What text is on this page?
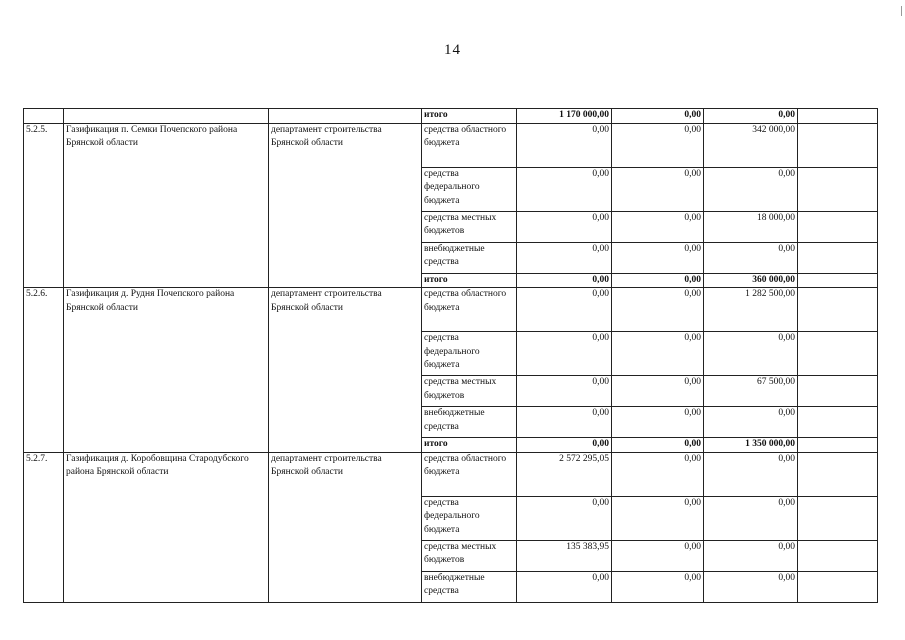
14
			итого	1 170 000,00	0,00	0,00	
5.2.5.	Газификация п. Семки Почепского района Брянской области	департамент строительства Брянской области	средства областного бюджета	0,00	0,00	342 000,00	
			средства федерального бюджета	0,00	0,00	0,00	
			средства местных бюджетов	0,00	0,00	18 000,00	
			внебюджетные средства	0,00	0,00	0,00	
			итого	0,00	0,00	360 000,00	
5.2.6.	Газификация д. Рудня Почепского района Брянской области	департамент строительства Брянской области	средства областного бюджета	0,00	0,00	1 282 500,00	
			средства федерального бюджета	0,00	0,00	0,00	
			средства местных бюджетов	0,00	0,00	67 500,00	
			внебюджетные средства	0,00	0,00	0,00	
			итого	0,00	0,00	1 350 000,00	
5.2.7.	Газификация д. Коробовщина Стародубского района Брянской области	департамент строительства Брянской области	средства областного бюджета	2 572 295,05	0,00	0,00	
			средства федерального бюджета	0,00	0,00	0,00	
			средства местных бюджетов	135 383,95	0,00	0,00	
			внебюджетные средства	0,00	0,00	0,00	
